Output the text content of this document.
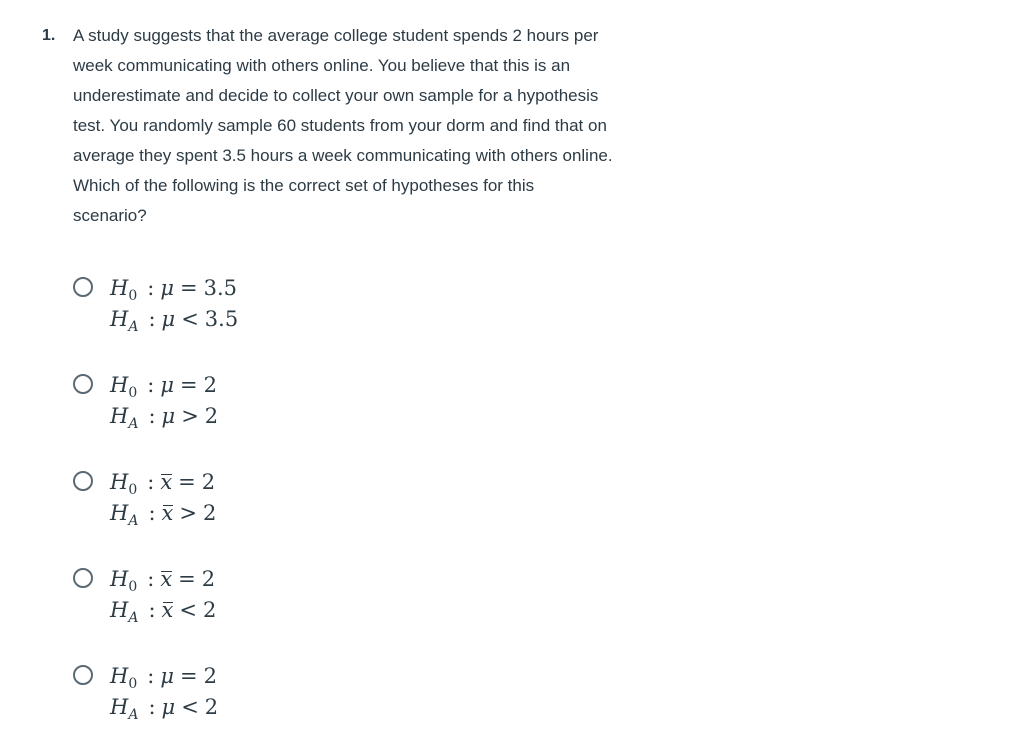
1. A study suggests that the average college student spends 2 hours per
week communicating with others online. You believe that this is an
underestimate and decide to collect your own sample for a hypothesis
test. You randomly sample 60 students from your dorm and find that on
average they spent 3.5 hours a week communicating with others online.
Which of the following is the correct set of hypotheses for this
scenario?
$H_0$ : μ = 3.5
$H_A$ : μ < 3.5
$H_0$ : μ = 2
$H_A$ : μ > 2
$H_0$ : x = 2
$H_A$ : x > 2
$H_0$ : x = 2
$H_A$ : x < 2
$H_0$ : μ = 2
$H_A$ : μ < 2
